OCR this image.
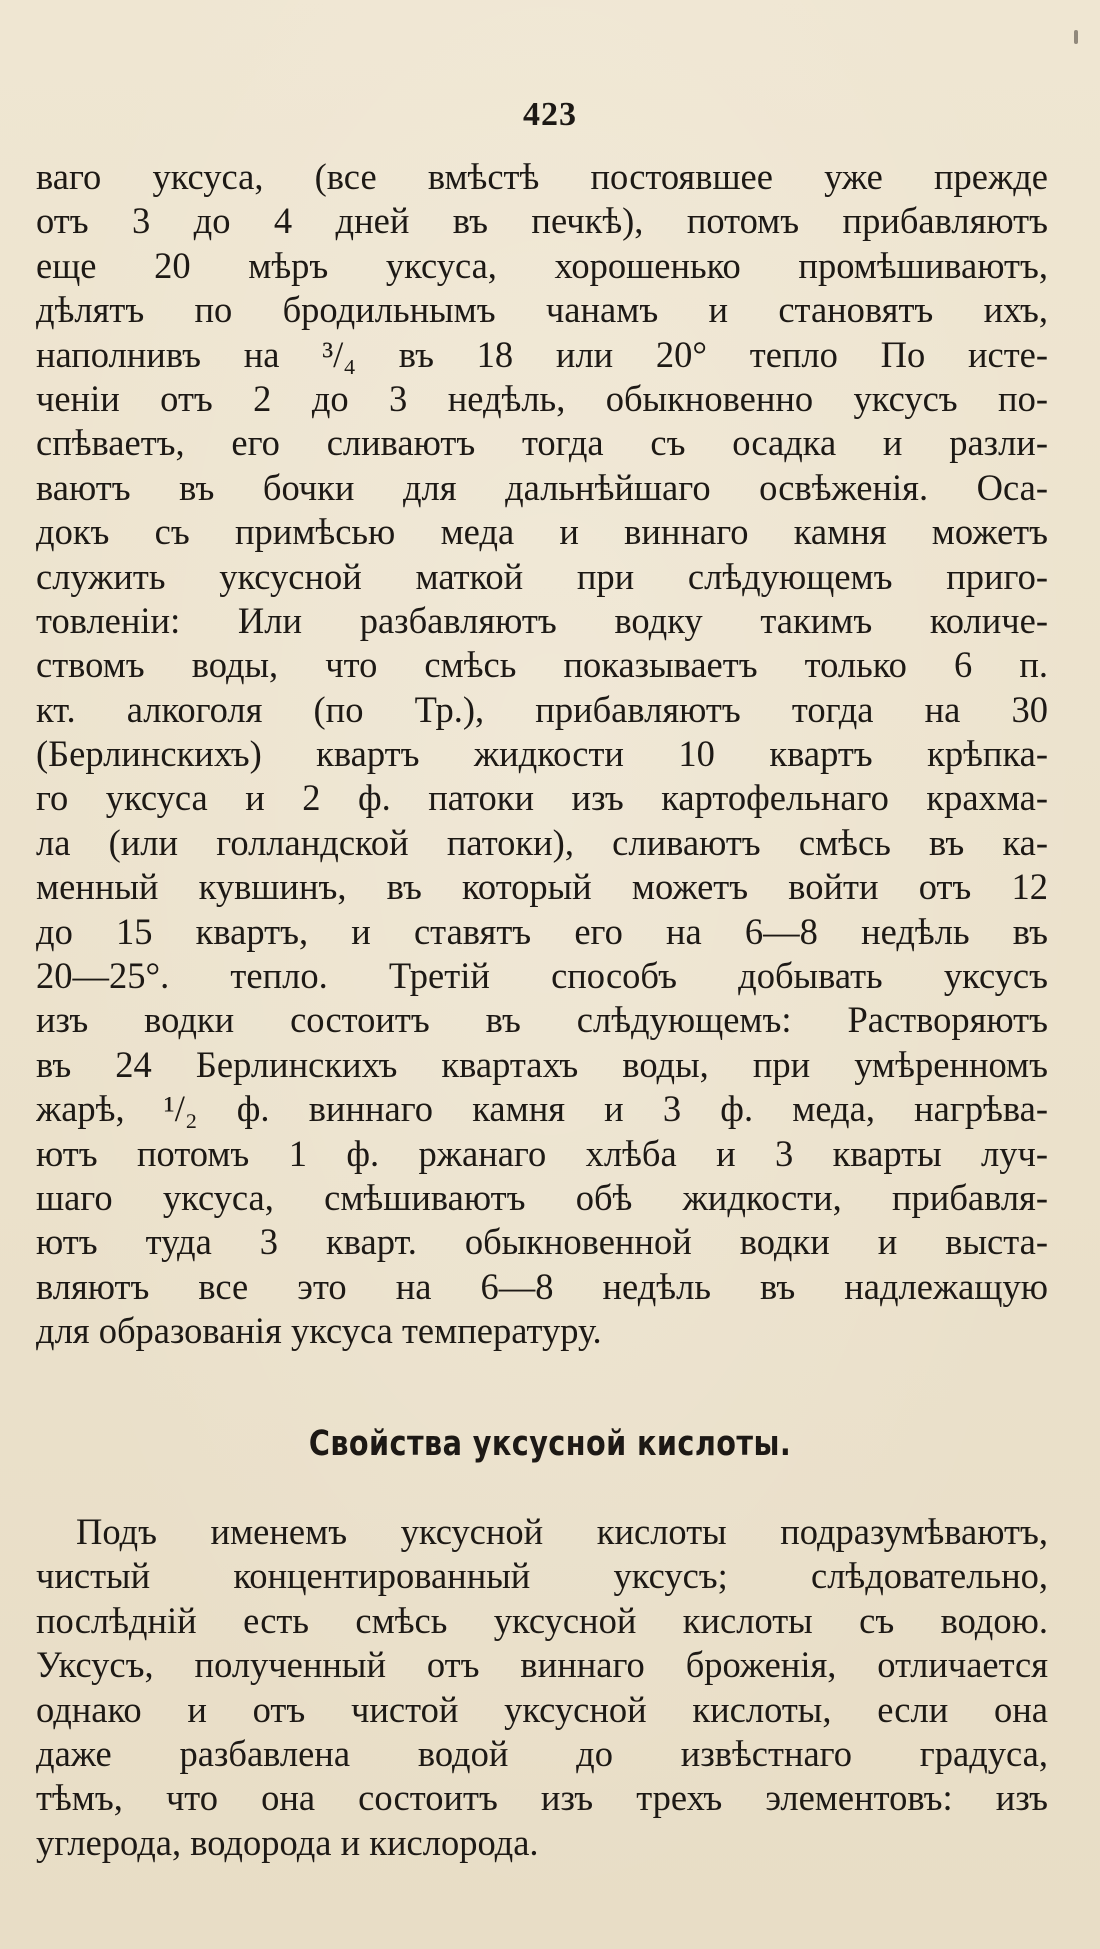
423
ваго уксуса, (все вмѣстѣ постоявшее уже прежде
отъ 3 до 4 дней въ печкѣ), потомъ прибавляютъ
еще 20 мѣръ уксуса, хорошенько промѣшиваютъ,
дѣлятъ по бродильнымъ чанамъ и становятъ ихъ,
наполнивъ на ³/₄ въ 18 или 20° тепло По исте-
ченіи отъ 2 до 3 недѣль, обыкновенно уксусъ по-
спѣваетъ, его сливаютъ тогда съ осадка и разли-
ваютъ въ бочки для дальнѣйшаго освѣженія. Оса-
докъ съ примѣсью меда и виннаго камня можетъ
служить уксусной маткой при слѣдующемъ приго-
товленіи: Или разбавляютъ водку такимъ количе-
ствомъ воды, что смѣсь показываетъ только 6 п.
кт. алкоголя (по Тр.), прибавляютъ тогда на 30
(Берлинскихъ) квартъ жидкости 10 квартъ крѣпка-
го уксуса и 2 ф. патоки изъ картофельнаго крахма-
ла (или голландской патоки), сливаютъ смѣсь въ ка-
менный кувшинъ, въ который можетъ войти отъ 12
до 15 квартъ, и ставятъ его на 6—8 недѣль въ
20—25°. тепло. Третій способъ добывать уксусъ
изъ водки состоитъ въ слѣдующемъ: Растворяютъ
въ 24 Берлинскихъ квартахъ воды, при умѣренномъ
жарѣ, ¹/₂ ф. виннаго камня и 3 ф. меда, нагрѣва-
ютъ потомъ 1 ф. ржанаго хлѣба и 3 кварты луч-
шаго уксуса, смѣшиваютъ обѣ жидкости, прибавля-
ютъ туда 3 кварт. обыкновенной водки и выста-
вляютъ все это на 6—8 недѣль въ надлежащую
для образованія уксуса температуру.
Свойства уксусной кислоты.
Подъ именемъ уксусной кислоты подразумѣваютъ,
чистый концентированный уксусъ; слѣдовательно,
послѣдній есть смѣсь уксусной кислоты съ водою.
Уксусъ, полученный отъ виннаго броженія, отличается
однако и отъ чистой уксусной кислоты, если она
даже разбавлена водой до извѣстнаго градуса,
тѣмъ, что она состоитъ изъ трехъ элементовъ: изъ
углерода, водорода и кислорода.
